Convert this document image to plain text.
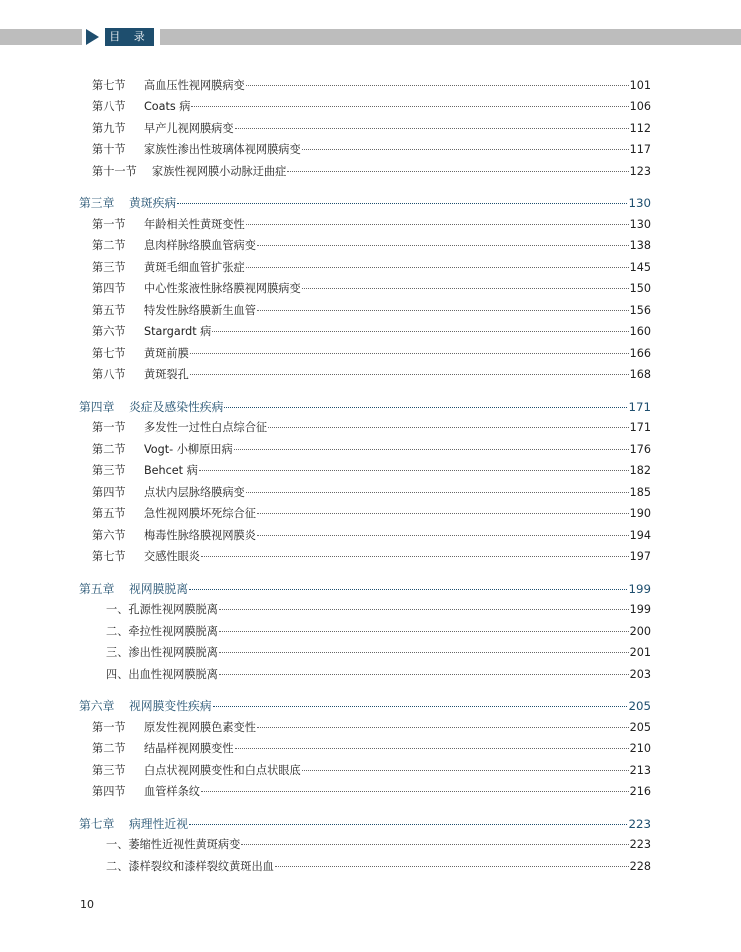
目 录
第七节	高血压性视网膜病变	101
第八节	Coats 病	106
第九节	早产儿视网膜病变	112
第十节	家族性渗出性玻璃体视网膜病变	117
第十一节	家族性视网膜小动脉迂曲症	123
第三章	黄斑疾病	130
第一节	年龄相关性黄斑变性	130
第二节	息肉样脉络膜血管病变	138
第三节	黄斑毛细血管扩张症	145
第四节	中心性浆液性脉络膜视网膜病变	150
第五节	特发性脉络膜新生血管	156
第六节	Stargardt 病	160
第七节	黄斑前膜	166
第八节	黄斑裂孔	168
第四章	炎症及感染性疾病	171
第一节	多发性一过性白点综合征	171
第二节	Vogt- 小柳原田病	176
第三节	Behcet 病	182
第四节	点状内层脉络膜病变	185
第五节	急性视网膜坏死综合征	190
第六节	梅毒性脉络膜视网膜炎	194
第七节	交感性眼炎	197
第五章	视网膜脱离	199
一、孔源性视网膜脱离	199
二、牵拉性视网膜脱离	200
三、渗出性视网膜脱离	201
四、出血性视网膜脱离	203
第六章	视网膜变性疾病	205
第一节	原发性视网膜色素变性	205
第二节	结晶样视网膜变性	210
第三节	白点状视网膜变性和白点状眼底	213
第四节	血管样条纹	216
第七章	病理性近视	223
一、萎缩性近视性黄斑病变	223
二、漆样裂纹和漆样裂纹黄斑出血	228
10
